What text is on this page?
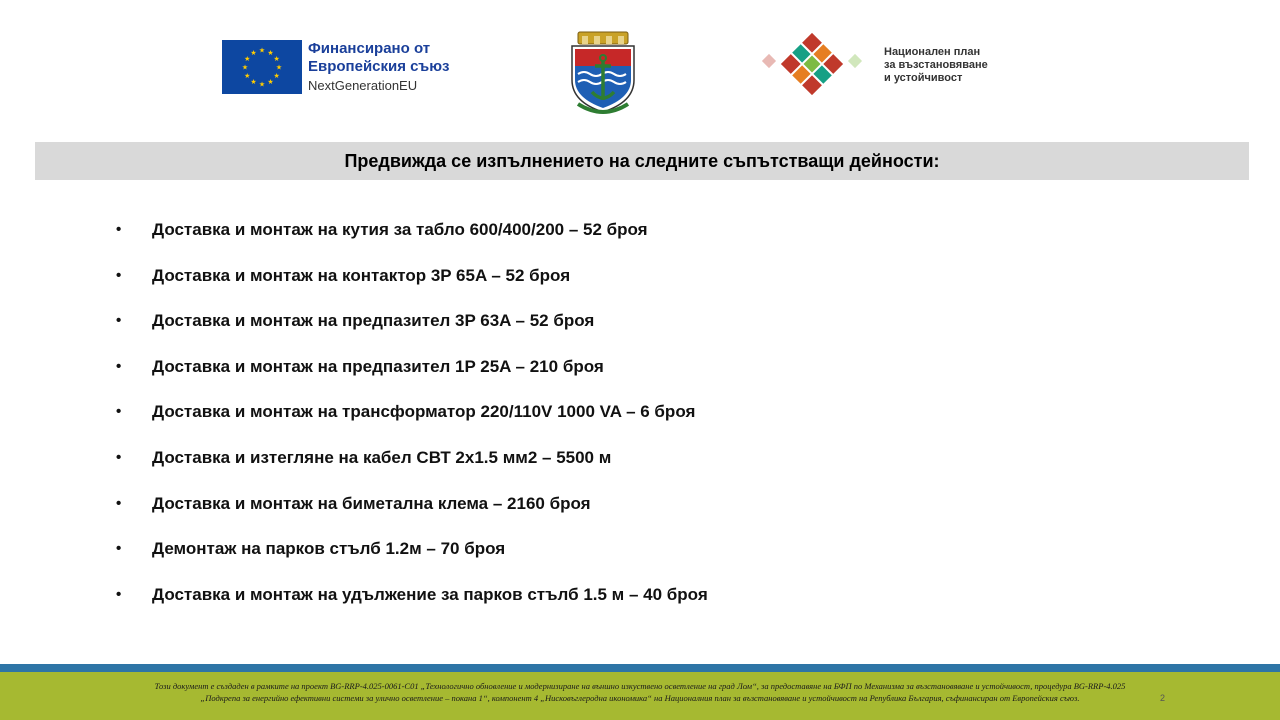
★ ★
★
★
★
★
★
★
★
★
★
★	Финансирано от
Европейския съюз
NextGenerationEU
Национален план
за възстановяване
и устойчивост
Предвижда се изпълнението на следните съпътстващи дейности:
• Доставка и монтаж на кутия за табло 600/400/200 – 52 броя
• Доставка и монтаж на контактор 3P 65A – 52 броя
• Доставка и монтаж на предпазител 3P 63A – 52 броя
• Доставка и монтаж на предпазител 1P 25A – 210 броя
• Доставка и монтаж на трансформатор 220/110V 1000 VA – 6 броя
• Доставка и изтегляне на кабел СВТ 2х1.5 мм2 – 5500 м
• Доставка и монтаж на биметална клема – 2160 броя
• Демонтаж на парков стълб 1.2м – 70 броя
• Доставка и монтаж на удължение за парков стълб 1.5 м – 40 броя
Този документ е създаден в рамките на проект BG-RRP-4.025-0061-C01 „Технологично обновление и модернизиране на външно изкуствено осветление на град Лом“, за предоставяне на БФП по Механизма за възстановяване и устойчивост, процедура BG-RRP-4.025
„Подкрепа за енергийно ефективни системи за улично осветление – покана 1“, компонент 4 „Нисковъглеродна икономика“ на Националния план за възстановяване и устойчивост на Република България, съфинансиран от Европейския съюз.	2
